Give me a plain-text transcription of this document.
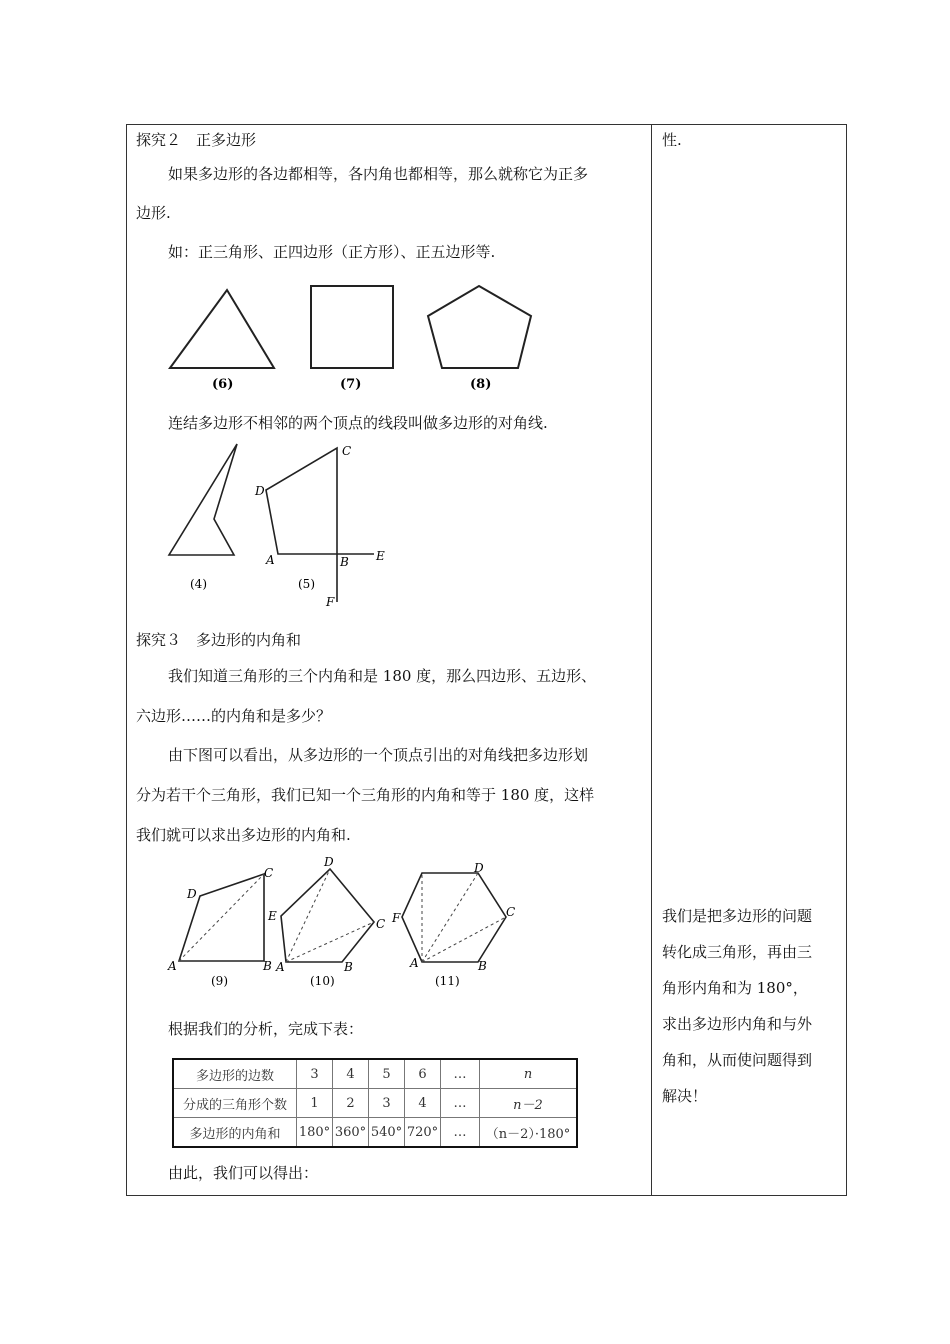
探究２　正多边形
如果多边形的各边都相等，各内角也都相等，那么就称它为正多
边形.
如：正三角形、正四边形（正方形）、正五边形等.
(6)	(7)	(8)
连结多边形不相邻的两个顶点的线段叫做多边形的对角线.
(4)
A	B
C
D
E
F
(5)
探究３　多边形的内角和
我们知道三角形的三个内角和是 180 度，那么四边形、五边形、
六边形……的内角和是多少？
由下图可以看出，从多边形的一个顶点引出的对角线把多边形划
分为若干个三角形，我们已知一个三角形的内角和等于 180 度，这样
我们就可以求出多边形的内角和.
A	B
C
D
(9)
A	B
C
D
E
(10)
A	B
C
D
F
(11)
根据我们的分析，完成下表：
多边形的边数	3	4	5	6	…	n
分成的三角形个数	1	2	3	4	…	n－2
多边形的内角和	180°	360°	540°	720°	…	（n－2）·180°
由此，我们可以得出：
性.

我们是把多边形的问题

转化成三角形，再由三

角形内角和为 180°，

求出多边形内角和与外

角和，从而使问题得到

解决！
